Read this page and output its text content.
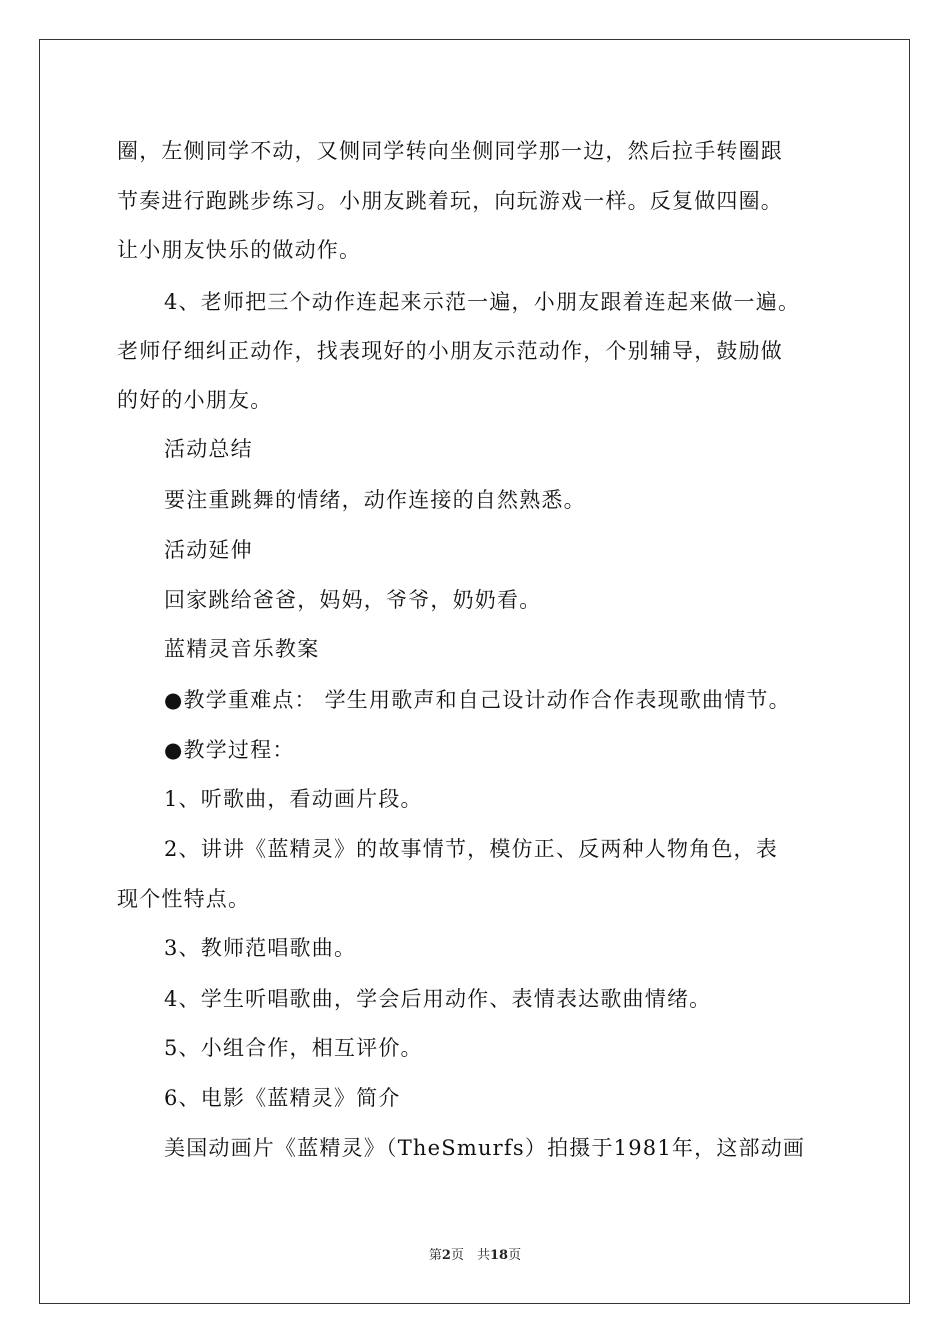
圈，左侧同学不动，又侧同学转向坐侧同学那一边，然后拉手转圈跟
节奏进行跑跳步练习。小朋友跳着玩，向玩游戏一样。反复做四圈。
让小朋友快乐的做动作。
4、老师把三个动作连起来示范一遍，小朋友跟着连起来做一遍。
老师仔细纠正动作，找表现好的小朋友示范动作，个别辅导，鼓励做
的好的小朋友。
活动总结
要注重跳舞的情绪，动作连接的自然熟悉。
活动延伸
回家跳给爸爸，妈妈，爷爷，奶奶看。
蓝精灵音乐教案
●教学重难点： 学生用歌声和自己设计动作合作表现歌曲情节。
●教学过程：
1、听歌曲，看动画片段。
2、讲讲《蓝精灵》的故事情节，模仿正、反两种人物角色，表
现个性特点。
3、教师范唱歌曲。
4、学生听唱歌曲，学会后用动作、表情表达歌曲情绪。
5、小组合作，相互评价。
6、电影《蓝精灵》简介
美国动画片《蓝精灵》（TheSmurfs）拍摄于1981年，这部动画
第2页　共18页
